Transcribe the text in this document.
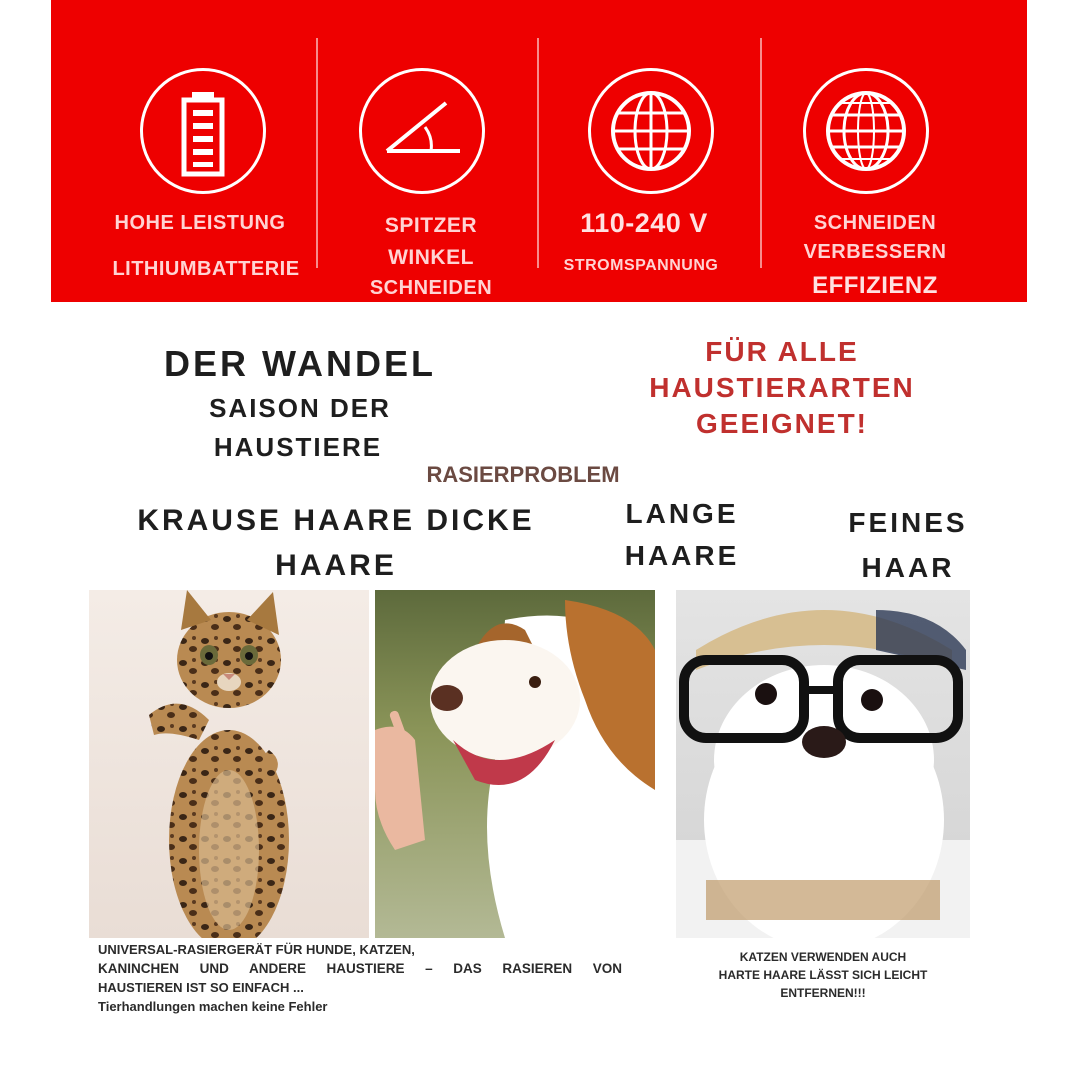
HOHE LEISTUNG
LITHIUMBATTERIE
SPITZER
WINKEL
SCHNEIDEN
110-240 V
STROMSPANNUNG
SCHNEIDEN
VERBESSERN
EFFIZIENZ
DER WANDEL
SAISON DER
HAUSTIERE
FÜR ALLE
HAUSTIERARTEN
GEEIGNET!
RASIERPROBLEM
KRAUSE HAARE DICKE
HAARE
LANGE
HAARE
FEINES
HAAR
UNIVERSAL-RASIERGERÄT FÜR HUNDE, KATZEN,
KANINCHEN UND ANDERE HAUSTIERE – DAS RASIEREN VON
HAUSTIEREN IST SO EINFACH ...
Tierhandlungen machen keine Fehler
KATZEN VERWENDEN AUCH
HARTE HAARE LÄSST SICH LEICHT
ENTFERNEN!!!
